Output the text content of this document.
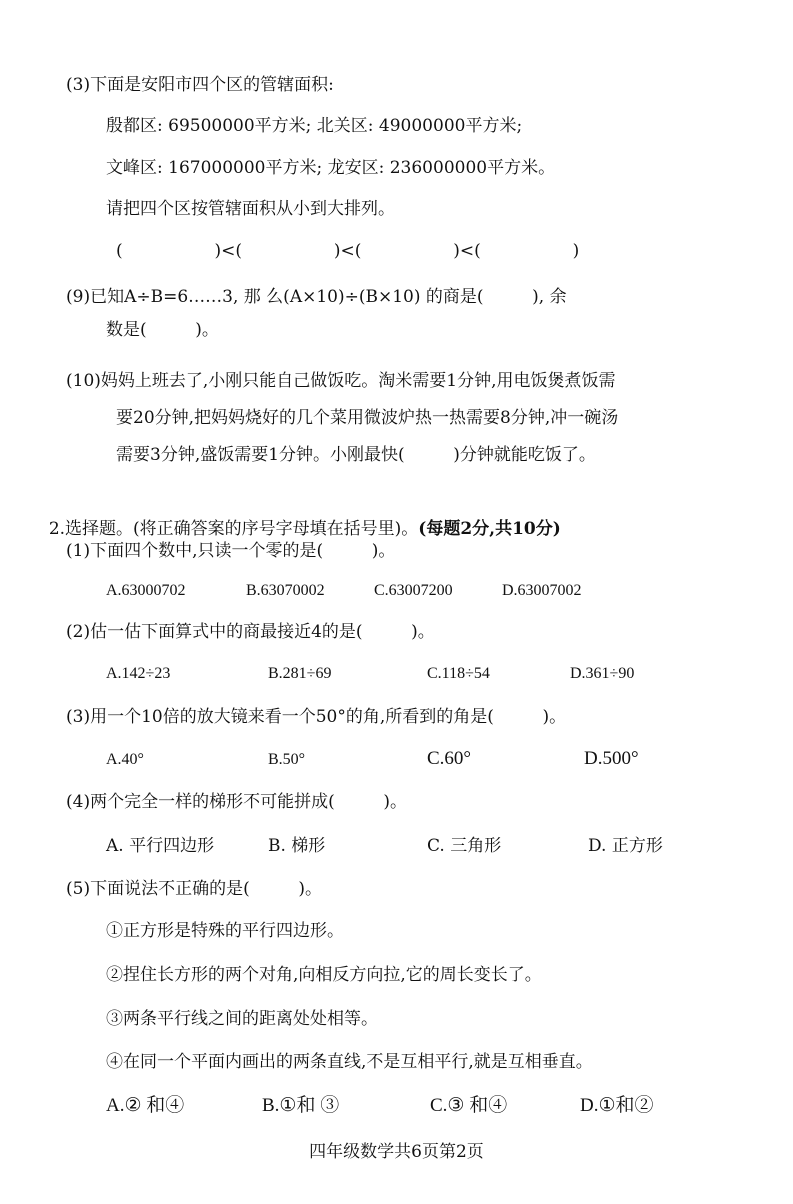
(3)下面是安阳市四个区的管辖面积:
殷都区: 69500000平方米; 北关区: 49000000平方米;
文峰区: 167000000平方米; 龙安区: 236000000平方米。
请把四个区按管辖面积从小到大排列。
(                 )<(                 )<(                 )<(                 )
(9)已知A÷B=6……3, 那 么(A×10)÷(B×10) 的商是(         ), 余
数是(         )。
(10)妈妈上班去了,小刚只能自己做饭吃。淘米需要1分钟,用电饭煲煮饭需
要20分钟,把妈妈烧好的几个菜用微波炉热一热需要8分钟,冲一碗汤
需要3分钟,盛饭需要1分钟。小刚最快(         )分钟就能吃饭了。

2.选择题。(将正确答案的序号字母填在括号里)。(每题2分,共10分)

(1)下面四个数中,只读一个零的是(         )。
A.63000702	B.63070002	C.63007200	D.63007002
(2)估一估下面算式中的商最接近4的是(         )。
A.142÷23	B.281÷69	C.118÷54	D.361÷90
(3)用一个10倍的放大镜来看一个50°的角,所看到的角是(         )。
A.40°	B.50°	C.60°	D.500°
(4)两个完全一样的梯形不可能拼成(         )。
A. 平行四边形	B. 梯形	C. 三角形	D. 正方形
(5)下面说法不正确的是(         )。
①正方形是特殊的平行四边形。
②捏住长方形的两个对角,向相反方向拉,它的周长变长了。
③两条平行线之间的距离处处相等。
④在同一个平面内画出的两条直线,不是互相平行,就是互相垂直。
A.② 和④	B.①和 ③	C.③ 和④	D.①和②
四年级数学共6页第2页
